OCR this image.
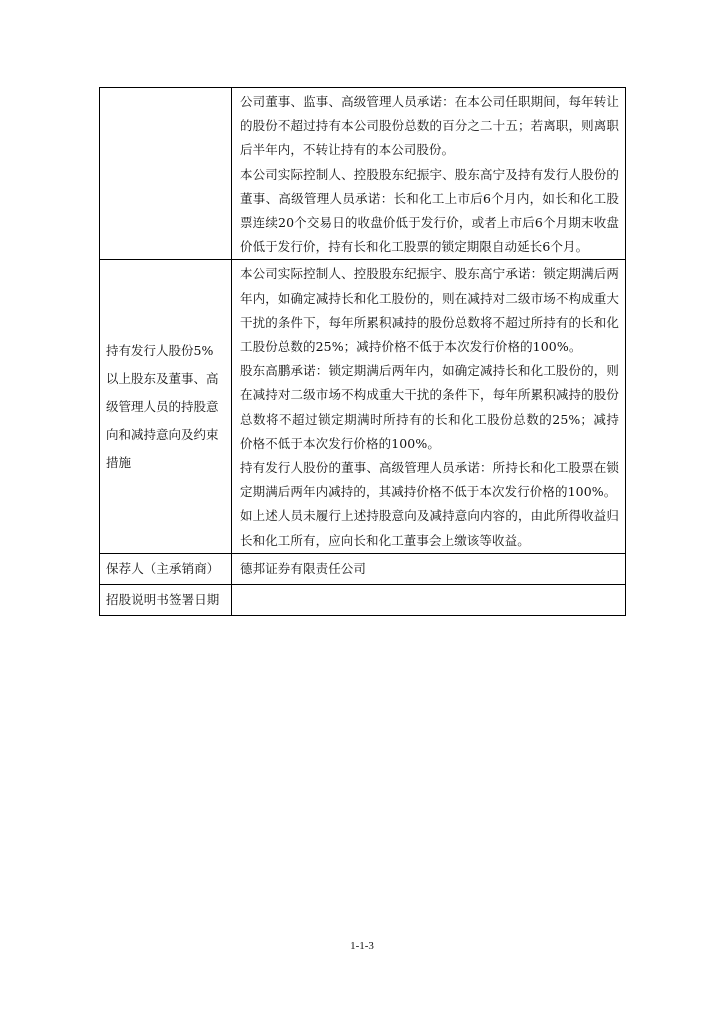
	公司董事、监事、高级管理人员承诺：在本公司任职期间，每年转让的股份不超过持有本公司股份总数的百分之二十五；若离职，则离职后半年内，不转让持有的本公司股份。

本公司实际控制人、控股股东纪振宇、股东高宁及持有发行人股份的董事、高级管理人员承诺：长和化工上市后6个月内，如长和化工股票连续20个交易日的收盘价低于发行价，或者上市后6个月期末收盘价低于发行价，持有长和化工股票的锁定期限自动延长6个月。

持有发行人股份5%以上股东及董事、高级管理人员的持股意向和减持意向及约束措施	本公司实际控制人、控股股东纪振宇、股东高宁承诺：锁定期满后两年内，如确定减持长和化工股份的，则在减持对二级市场不构成重大干扰的条件下，每年所累积减持的股份总数将不超过所持有的长和化工股份总数的25%；减持价格不低于本次发行价格的100%。

股东高鹏承诺：锁定期满后两年内，如确定减持长和化工股份的，则在减持对二级市场不构成重大干扰的条件下，每年所累积减持的股份总数将不超过锁定期满时所持有的长和化工股份总数的25%；减持价格不低于本次发行价格的100%。

持有发行人股份的董事、高级管理人员承诺：所持长和化工股票在锁定期满后两年内减持的，其减持价格不低于本次发行价格的100%。

如上述人员未履行上述持股意向及减持意向内容的，由此所得收益归长和化工所有，应向长和化工董事会上缴该等收益。

保荐人（主承销商）	德邦证券有限责任公司

招股说明书签署日期	

1-1-3
